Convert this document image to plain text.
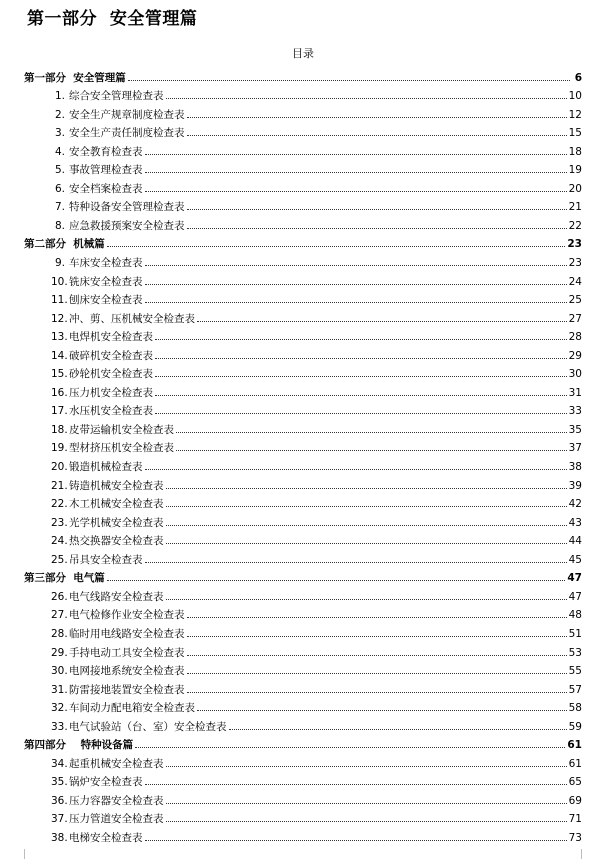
第一部分  安全管理篇
目录
第一部分  安全管理篇	6
1. 综合安全管理检查表	10
2. 安全生产规章制度检查表	12
3. 安全生产责任制度检查表	15
4. 安全教育检查表	18
5. 事故管理检查表	19
6. 安全档案检查表	20
7. 特种设备安全管理检查表	21
8. 应急救援预案安全检查表	22
第二部分  机械篇	23
9. 车床安全检查表	23
10. 铣床安全检查表	24
11. 刨床安全检查表	25
12. 冲、剪、压机械安全检查表	27
13. 电焊机安全检查表	28
14. 破碎机安全检查表	29
15. 砂轮机安全检查表	30
16. 压力机安全检查表	31
17. 水压机安全检查表	33
18. 皮带运输机安全检查表	35
19. 型材挤压机安全检查表	37
20. 锻造机械检查表	38
21. 铸造机械安全检查表	39
22. 木工机械安全检查表	42
23. 光学机械安全检查表	43
24. 热交换器安全检查表	44
25. 吊具安全检查表	45
第三部分  电气篇	47
26. 电气线路安全检查表	47
27. 电气检修作业安全检查表	48
28. 临时用电线路安全检查表	51
29. 手持电动工具安全检查表	53
30. 电网接地系统安全检查表	55
31. 防雷接地装置安全检查表	57
32. 车间动力配电箱安全检查表	58
33. 电气试验站（台、室）安全检查表	59
第四部分    特种设备篇	61
34. 起重机械安全检查表	61
35. 锅炉安全检查表	65
36. 压力容器安全检查表	69
37. 压力管道安全检查表	71
38. 电梯安全检查表	73
